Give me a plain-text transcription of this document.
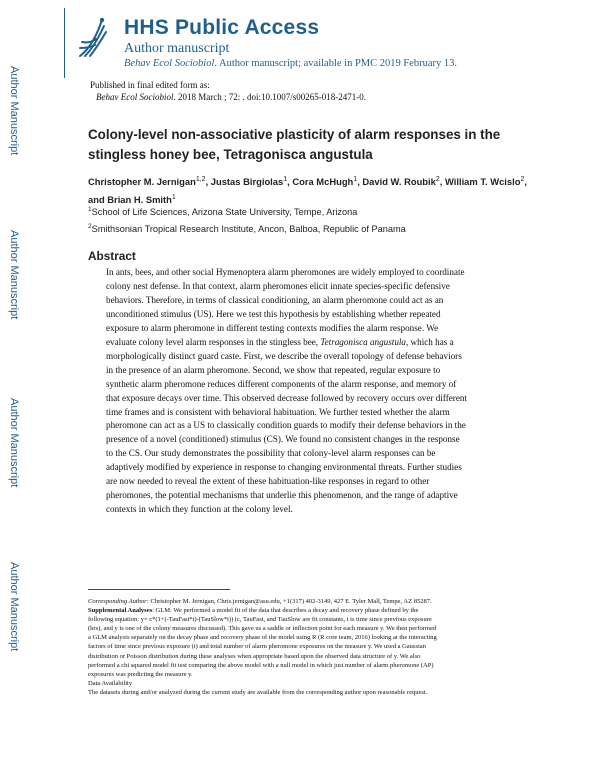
Author Manuscript
Author Manuscript
Author Manuscript
Author Manuscript
HHS Public Access
Author manuscript
Behav Ecol Sociobiol. Author manuscript; available in PMC 2019 February 13.
Published in final edited form as:
Behav Ecol Sociobiol. 2018 March ; 72: . doi:10.1007/s00265-018-2471-0.
Colony-level non-associative plasticity of alarm responses in the stingless honey bee, Tetragonisca angustula
Christopher M. Jernigan$^{1,2}$, Justas Birgiolas$^1$, Cora McHugh$^1$, David W. Roubik$^2$, William T. Wcislo$^2$, and Brian H. Smith$^1$
$^1$School of Life Sciences, Arizona State University, Tempe, Arizona
$^2$Smithsonian Tropical Research Institute, Ancon, Balboa, Republic of Panama
Abstract
In ants, bees, and other social Hymenoptera alarm pheromones are widely employed to coordinate
colony nest defense. In that context, alarm pheromones elicit innate species-specific defensive
behaviors. Therefore, in terms of classical conditioning, an alarm pheromone could act as an
unconditioned stimulus (US). Here we test this hypothesis by establishing whether repeated
exposure to alarm pheromone in different testing contexts modifies the alarm response. We
evaluate colony level alarm responses in the stingless bee, Tetragonisca angustula, which has a
morphologically distinct guard caste. First, we describe the overall topology of defense behaviors
in the presence of an alarm pheromone. Second, we show that repeated, regular exposure to
synthetic alarm pheromone reduces different components of the alarm response, and memory of
that exposure decays over time. This observed decrease followed by recovery occurs over different
time frames and is consistent with behavioral habituation. We further tested whether the alarm
pheromone can act as a US to classically condition guards to modify their defense behaviors in the
presence of a novel (conditioned) stimulus (CS). We found no consistent changes in the response
to the CS. Our study demonstrates the possibility that colony-level alarm responses can be
adaptively modified by experience in response to changing environmental threats. Further studies
are now needed to reveal the extent of these habituation-like responses in regard to other
pheromones, the potential mechanisms that underlie this phenomenon, and the range of adaptive
contexts in which they function at the colony level.
Corresponding Author: Christopher M. Jernigan, Chris.jernigan@asu.edu, +1(317) 402-3149, 427 E. Tyler Mall, Tempe, AZ 85287.
Supplemental Analyses: GLM: We performed a model fit of the data that describes a decay and recovery phase defined by the
following equation: y= c*(1+(-TauFast*t)-(TauSlow*t)) (c, TauFast, and TauSlow are fit constants, t is time since previous exposure
(hrs), and y is one of the colony measures discussed). This gave us a saddle or inflection point for each measure y. We then performed
a GLM analysis separately on the decay phase and recovery phase of the model using R (R core team, 2016) looking at the interacting
factors of time since previous exposure (t) and total number of alarm pheromone exposures on the measure y. We used a Gaussian
distribution or Poisson distribution during these analyses when appropriate based upon the observed data structure of y. We also
performed a chi squared model fit test comparing the above model with a null model in which just number of alarm pheromone (AP)
exposures was predicting the measure y.
Data Availability
The datasets during and/or analyzed during the current study are available from the corresponding author upon reasonable request.
